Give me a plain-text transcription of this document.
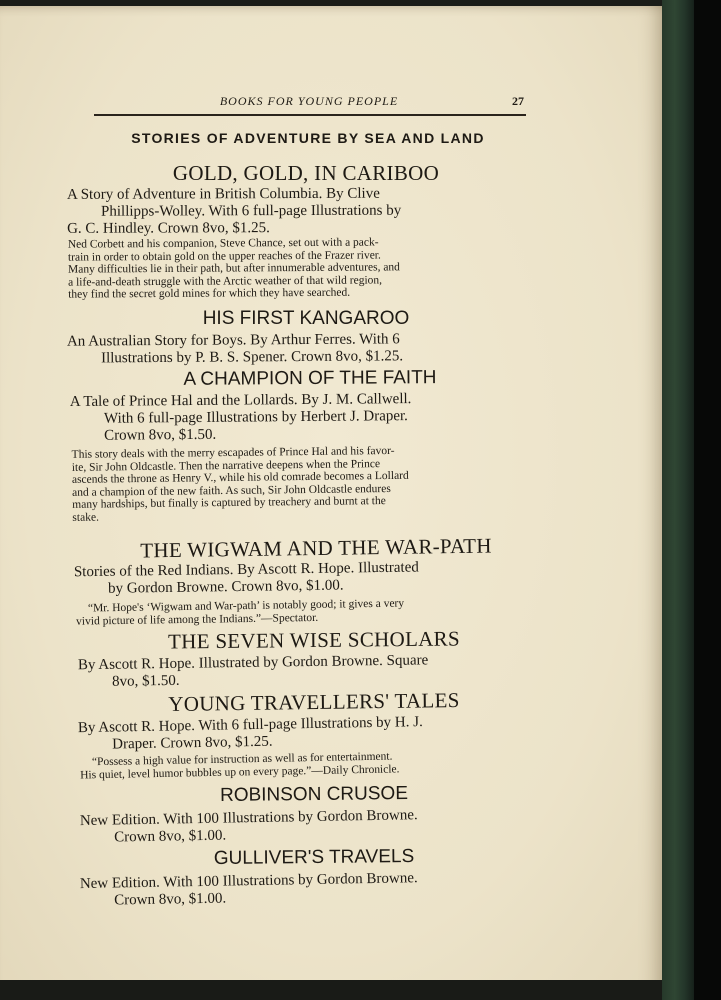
BOOKS FOR YOUNG PEOPLE	27
STORIES OF ADVENTURE BY SEA AND LAND
GOLD, GOLD, IN CARIBOO
A Story of Adventure in British Columbia. By Clive
Phillipps-Wolley. With 6 full-page Illustrations by
G. C. Hindley. Crown 8vo, $1.25.
Ned Corbett and his companion, Steve Chance, set out with a pack-
train in order to obtain gold on the upper reaches of the Frazer river.
Many difficulties lie in their path, but after innumerable adventures, and
a life-and-death struggle with the Arctic weather of that wild region,
they find the secret gold mines for which they have searched.
HIS FIRST KANGAROO
An Australian Story for Boys. By Arthur Ferres. With 6
Illustrations by P. B. S. Spener. Crown 8vo, $1.25.
A CHAMPION OF THE FAITH
A Tale of Prince Hal and the Lollards. By J. M. Callwell.
With 6 full-page Illustrations by Herbert J. Draper.
Crown 8vo, $1.50.
This story deals with the merry escapades of Prince Hal and his favor-
ite, Sir John Oldcastle. Then the narrative deepens when the Prince
ascends the throne as Henry V., while his old comrade becomes a Lollard
and a champion of the new faith. As such, Sir John Oldcastle endures
many hardships, but finally is captured by treachery and burnt at the
stake.
THE WIGWAM AND THE WAR-PATH
Stories of the Red Indians. By Ascott R. Hope. Illustrated
by Gordon Browne. Crown 8vo, $1.00.
“Mr. Hope's ‘Wigwam and War-path’ is notably good; it gives a very
vivid picture of life among the Indians.”—Spectator.
THE SEVEN WISE SCHOLARS
By Ascott R. Hope. Illustrated by Gordon Browne. Square
8vo, $1.50.
YOUNG TRAVELLERS' TALES
By Ascott R. Hope. With 6 full-page Illustrations by H. J.
Draper. Crown 8vo, $1.25.
“Possess a high value for instruction as well as for entertainment.
His quiet, level humor bubbles up on every page.”—Daily Chronicle.
ROBINSON CRUSOE
New Edition. With 100 Illustrations by Gordon Browne.
Crown 8vo, $1.00.
GULLIVER'S TRAVELS
New Edition. With 100 Illustrations by Gordon Browne.
Crown 8vo, $1.00.
